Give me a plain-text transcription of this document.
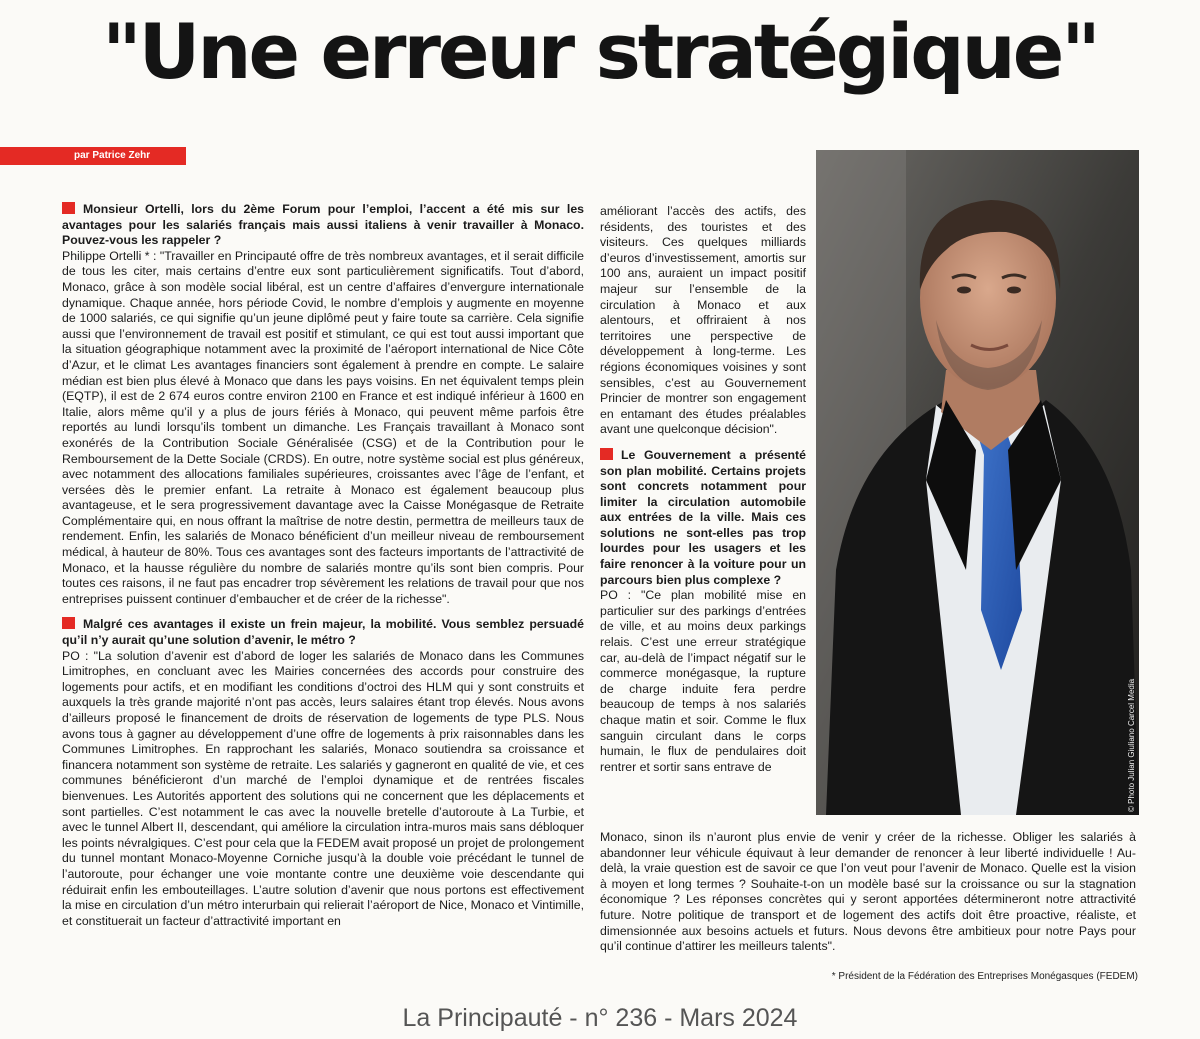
"Une erreur stratégique"
par Patrice Zehr

Monsieur Ortelli, lors du 2ème Forum pour l’emploi, l’accent a été mis sur les avantages pour les salariés français mais aussi italiens à venir travailler à Monaco. Pouvez-vous les rappeler ?

Philippe Ortelli * : "Travailler en Principauté offre de très nombreux avantages, et il serait difficile de tous les citer, mais certains d’entre eux sont particulièrement significatifs. Tout d’abord, Monaco, grâce à son modèle social libéral, est un centre d’affaires d’envergure internationale dynamique. Chaque année, hors période Covid, le nombre d’emplois y augmente en moyenne de 1000 salariés, ce qui signifie qu’un jeune diplômé peut y faire toute sa carrière. Cela signifie aussi que l’environnement de travail est positif et stimulant, ce qui est tout aussi important que la situation géographique notamment avec la proximité de l’aéroport international de Nice Côte d’Azur, et le climat Les avantages financiers sont également à prendre en compte. Le salaire médian est bien plus élevé à Monaco que dans les pays voisins. En net équivalent temps plein (EQTP), il est de 2 674 euros contre environ 2100 en France et est indiqué inférieur à 1600 en Italie, alors même qu’il y a plus de jours fériés à Monaco, qui peuvent même parfois être reportés au lundi lorsqu’ils tombent un dimanche. Les Français travaillant à Monaco sont exonérés de la Contribution Sociale Généralisée (CSG) et de la Contribution pour le Remboursement de la Dette Sociale (CRDS). En outre, notre système social est plus généreux, avec notamment des allocations familiales supérieures, croissantes avec l’âge de l’enfant, et versées dès le premier enfant. La retraite à Monaco est également beaucoup plus avantageuse, et le sera progressivement davantage avec la Caisse Monégasque de Retraite Complémentaire qui, en nous offrant la maîtrise de notre destin, permettra de meilleurs taux de rendement. Enfin, les salariés de Monaco bénéficient d’un meilleur niveau de remboursement médical, à hauteur de 80%. Tous ces avantages sont des facteurs importants de l’attractivité de Monaco, et la hausse régulière du nombre de salariés montre qu’ils sont bien compris. Pour toutes ces raisons, il ne faut pas encadrer trop sévèrement les relations de travail pour que nos entreprises puissent continuer d’embaucher et de créer de la richesse".

Malgré ces avantages il existe un frein majeur, la mobilité. Vous semblez persuadé qu’il n’y aurait qu’une solution d’avenir, le métro ?

PO : "La solution d’avenir est d’abord de loger les salariés de Monaco dans les Communes Limitrophes, en concluant avec les Mairies concernées des accords pour construire des logements pour actifs, et en modifiant les conditions d’octroi des HLM qui y sont construits et auxquels la très grande majorité n’ont pas accès, leurs salaires étant trop élevés. Nous avons d’ailleurs proposé le financement de droits de réservation de logements de type PLS. Nous avons tous à gagner au développement d’une offre de logements à prix raisonnables dans les Communes Limitrophes. En rapprochant les salariés, Monaco soutiendra sa croissance et financera notamment son système de retraite. Les salariés y gagneront en qualité de vie, et ces communes bénéficieront d’un marché de l’emploi dynamique et de rentrées fiscales bienvenues. Les Autorités apportent des solutions qui ne concernent que les déplacements et sont partielles. C’est notamment le cas avec la nouvelle bretelle d’autoroute à La Turbie, et avec le tunnel Albert II, descendant, qui améliore la circulation intra-muros mais sans débloquer les points névralgiques. C’est pour cela que la FEDEM avait proposé un projet de prolongement du tunnel montant Monaco-Moyenne Corniche jusqu’à la double voie précédant le tunnel de l’autoroute, pour échanger une voie montante contre une deuxième voie descendante qui réduirait enfin les embouteillages. L’autre solution d’avenir que nous portons est effectivement la mise en circulation d’un métro interurbain qui relierait l’aéroport de Nice, Monaco et Vintimille, et constituerait un facteur d’attractivité important en

améliorant l’accès des actifs, des résidents, des touristes et des visiteurs. Ces quelques milliards d’euros d’investissement, amortis sur 100 ans, auraient un impact positif majeur sur l’ensemble de la circulation à Monaco et aux alentours, et offriraient à nos territoires une perspective de développement à long-terme. Les régions économiques voisines y sont sensibles, c’est au Gouvernement Princier de montrer son engagement en entamant des études préalables avant une quelconque décision".

Le Gouvernement a présenté son plan mobilité. Certains projets sont concrets notamment pour limiter la circulation automobile aux entrées de la ville. Mais ces solutions ne sont-elles pas trop lourdes pour les usagers et les faire renoncer à la voiture pour un parcours bien plus complexe ?

PO : "Ce plan mobilité mise en particulier sur des parkings d’entrées de ville, et au moins deux parkings relais. C’est une erreur stratégique car, au-delà de l’impact négatif sur le commerce monégasque, la rupture de charge induite fera perdre beaucoup de temps à nos salariés chaque matin et soir. Comme le flux sanguin circulant dans le corps humain, le flux de pendulaires doit rentrer et sortir sans entrave de	© Photo Julian Giuliano Carcel Media

Monaco, sinon ils n’auront plus envie de venir y créer de la richesse. Obliger les salariés à abandonner leur véhicule équivaut à leur demander de renoncer à leur liberté individuelle ! Au-delà, la vraie question est de savoir ce que l’on veut pour l’avenir de Monaco. Quelle est la vision à moyen et long termes ? Souhaite-t-on un modèle basé sur la croissance ou sur la stagnation économique ? Les réponses concrètes qui y seront apportées détermineront notre attractivité future. Notre politique de transport et de logement des actifs doit être proactive, réaliste, et dimensionnée aux besoins actuels et futurs. Nous devons être ambitieux pour notre Pays pour qu’il continue d’attirer les meilleurs talents".

* Président de la Fédération des Entreprises Monégasques (FEDEM)
La Principauté - n° 236 - Mars 2024
